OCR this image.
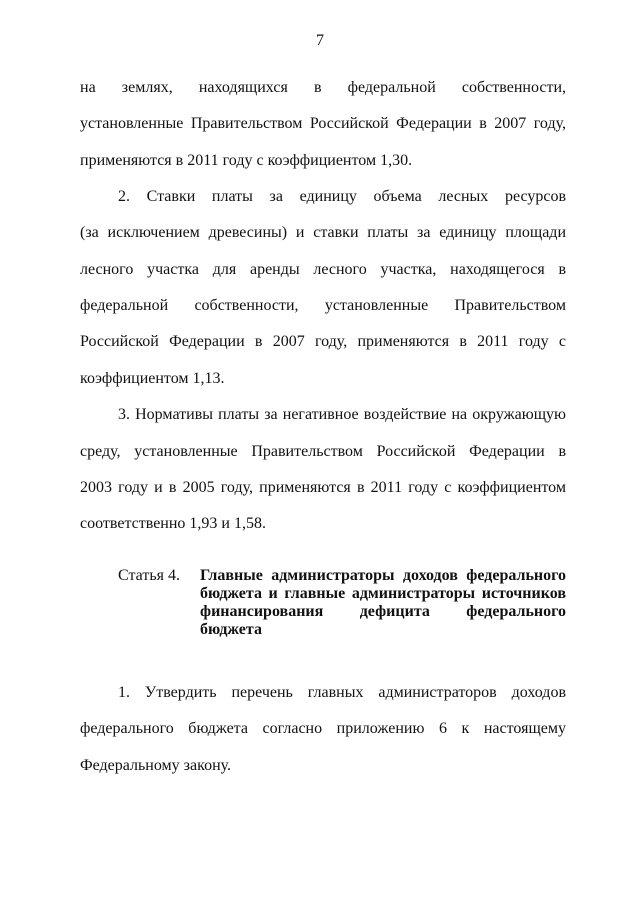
7
на землях, находящихся в федеральной собственности,
установленные Правительством Российской Федерации в 2007 году,
применяются в 2011 году с коэффициентом 1,30.
2. Ставки платы за единицу объема лесных ресурсов
(за исключением древесины) и ставки платы за единицу площади
лесного участка для аренды лесного участка, находящегося в
федеральной собственности, установленные Правительством
Российской Федерации в 2007 году, применяются в 2011 году с
коэффициентом 1,13.
3. Нормативы платы за негативное воздействие на окружающую
среду, установленные Правительством Российской Федерации в
2003 году и в 2005 году, применяются в 2011 году с коэффициентом
соответственно 1,93 и 1,58.
Статья 4. Главные администраторы доходов федерального
бюджета и главные администраторы источников
финансирования дефицита федерального
бюджета
1. Утвердить перечень главных администраторов доходов
федерального бюджета согласно приложению 6 к настоящему
Федеральному закону.
